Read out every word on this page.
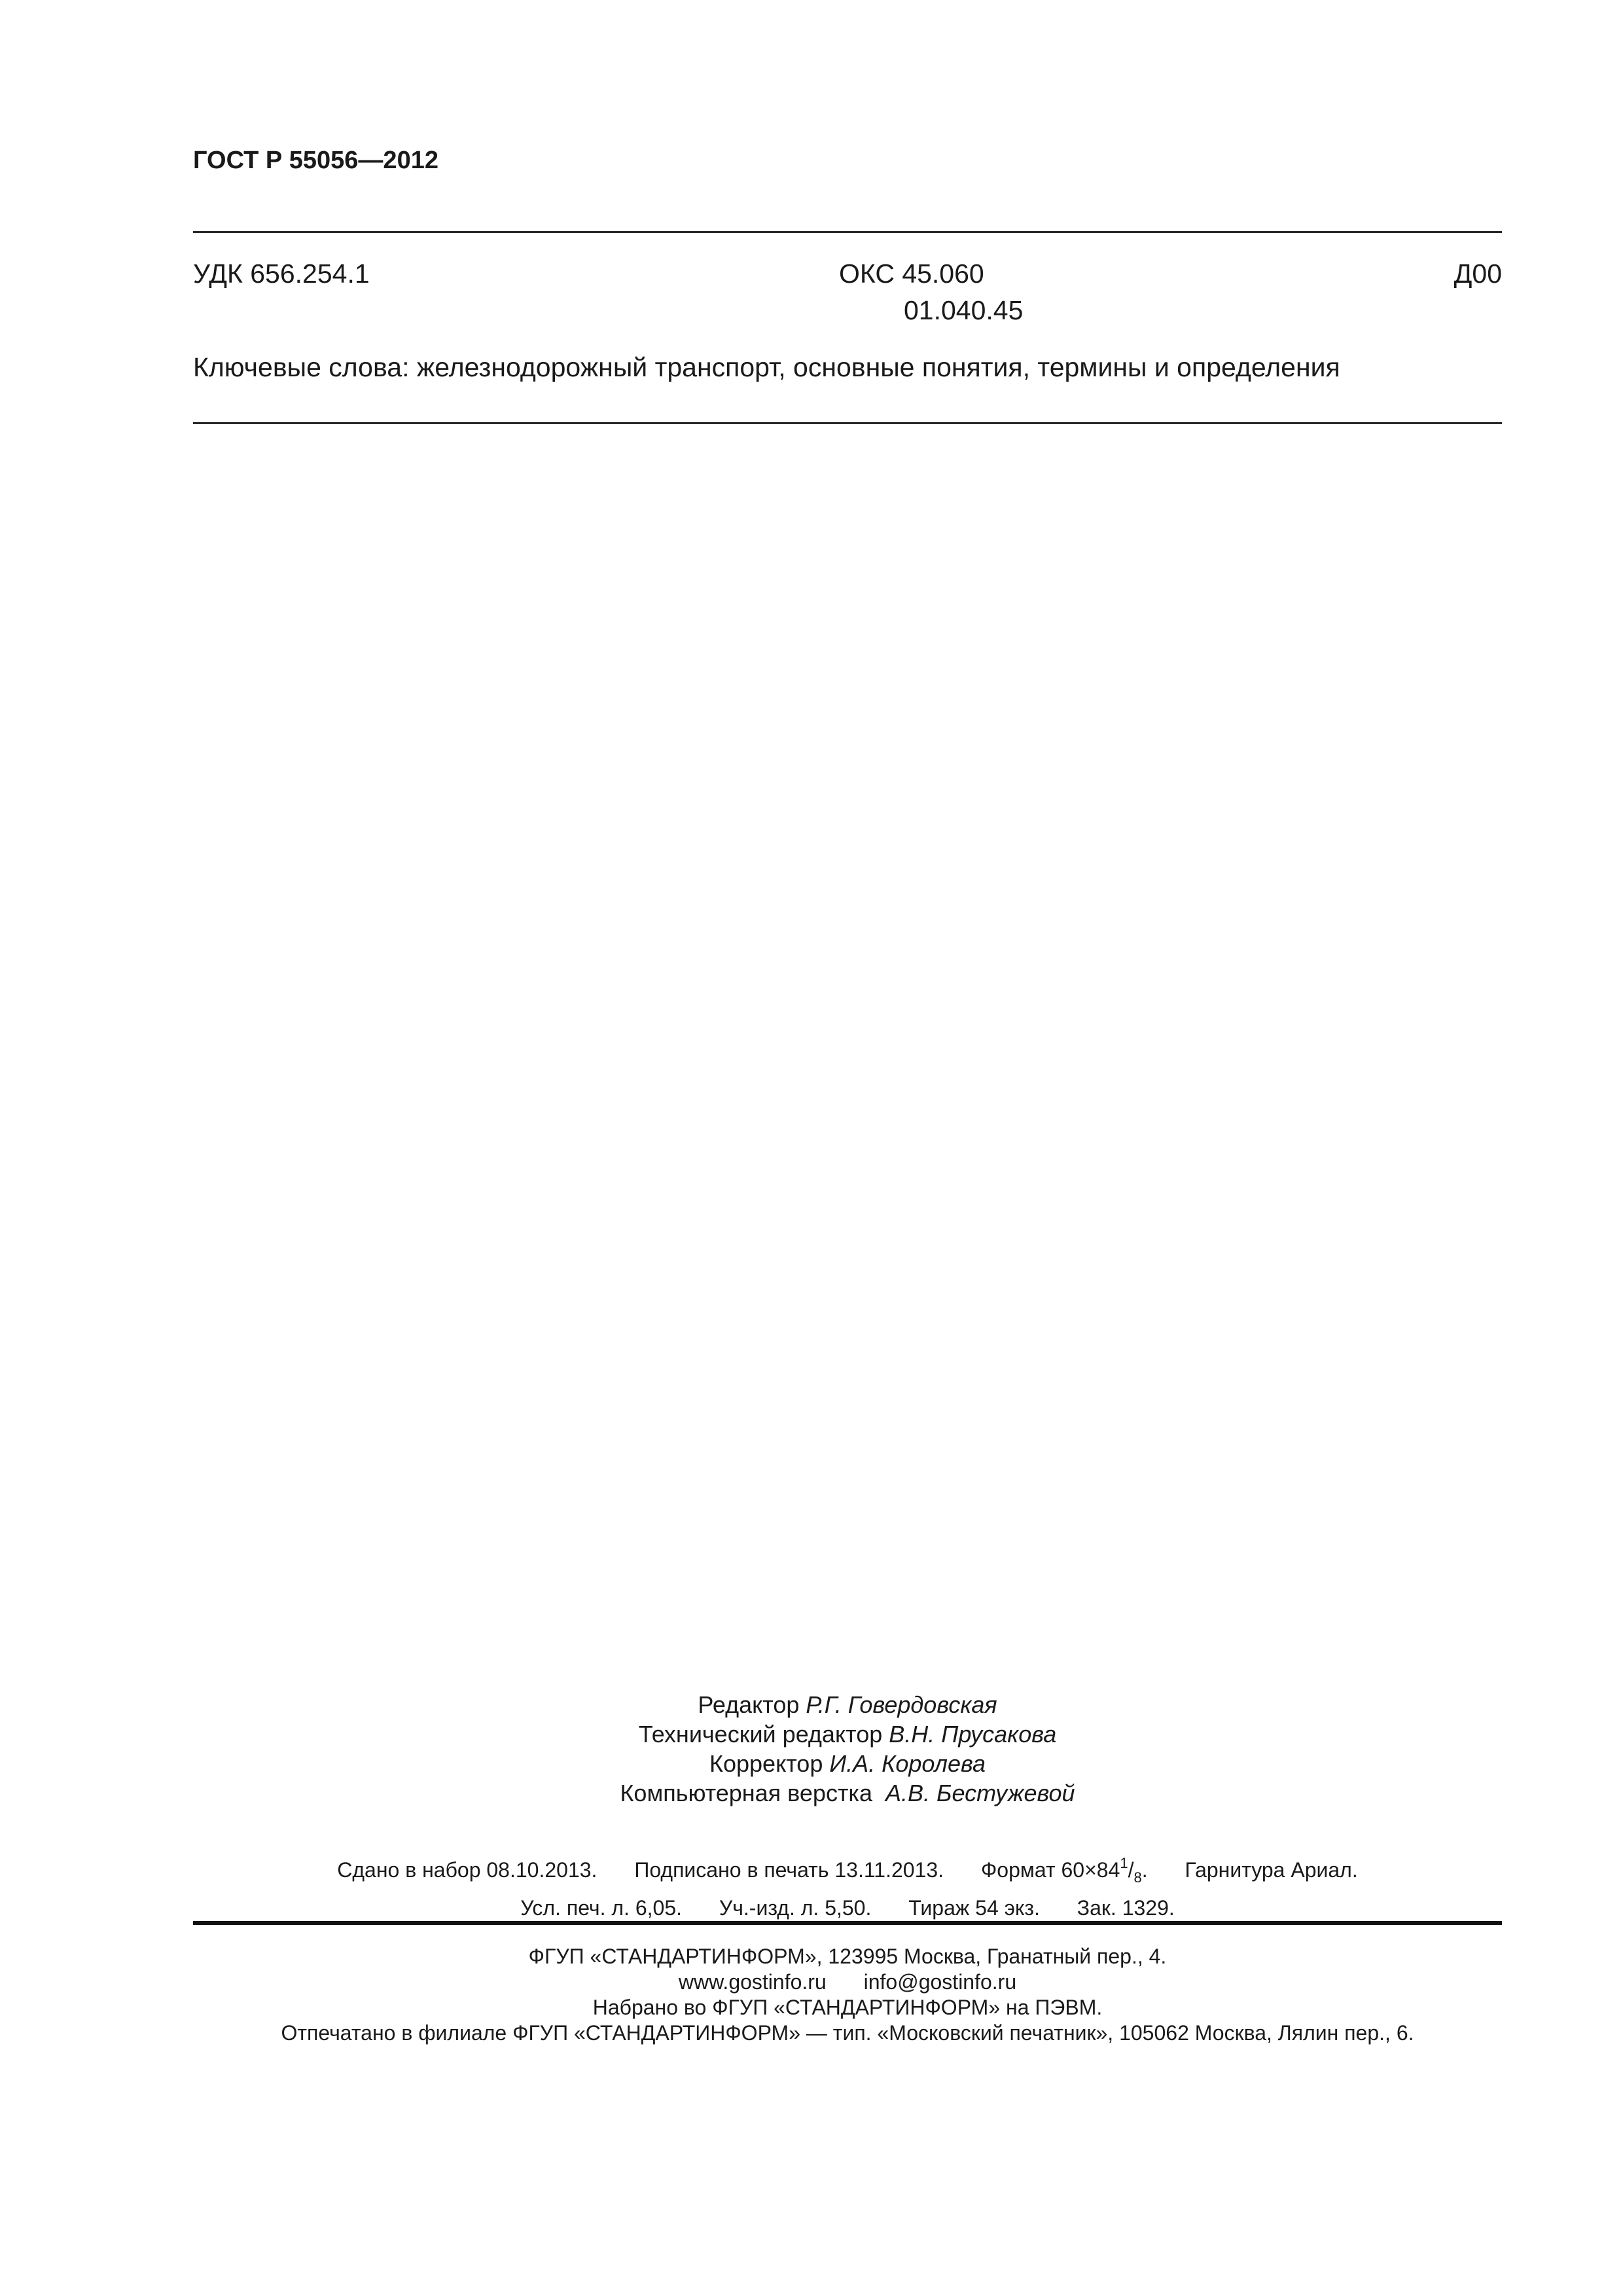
ГОСТ Р 55056—2012
УДК 656.254.1	ОКС 45.060
01.040.45
Д00
Ключевые слова: железнодорожный транспорт, основные понятия, термины и определения
Редактор Р.Г. Говердовская
Технический редактор В.Н. Прусакова
Корректор И.А. Королева
Компьютерная верстка А.В. Бестужевой
Сдано в набор 08.10.2013. Подписано в печать 13.11.2013. Формат $60\times 84^1/_8$. Гарнитура Ариал.
Усл. печ. л. 6,05. Уч.-изд. л. 5,50. Тираж 54 экз. Зак. 1329.
ФГУП «СТАНДАРТИНФОРМ», 123995 Москва, Гранатный пер., 4.
www.gostinfo.ru info@gostinfo.ru
Набрано во ФГУП «СТАНДАРТИНФОРМ» на ПЭВМ.
Отпечатано в филиале ФГУП «СТАНДАРТИНФОРМ» — тип. «Московский печатник», 105062 Москва, Лялин пер., 6.
